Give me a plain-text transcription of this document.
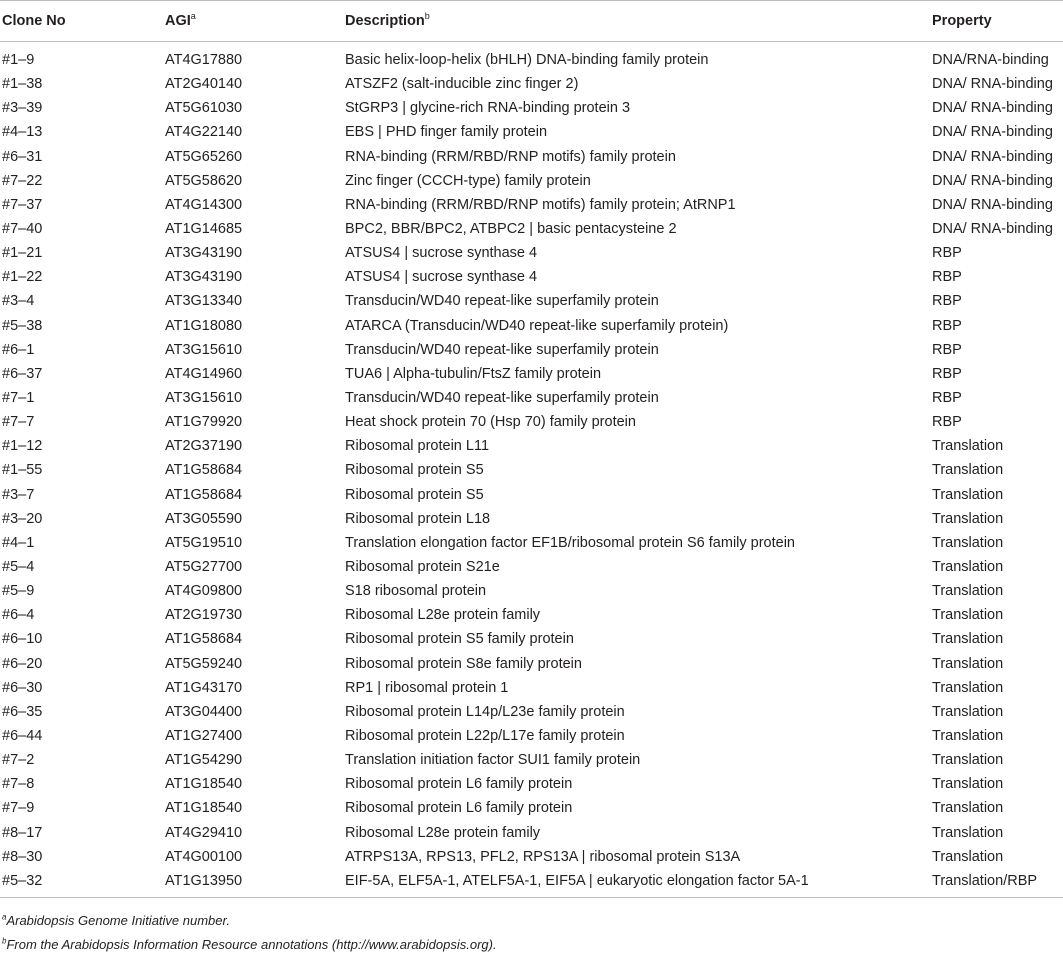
Clone No	AGI$^a$	Description$^b$	Property
#1–9	AT4G17880	Basic helix-loop-helix (bHLH) DNA-binding family protein	DNA/RNA-binding
#1–38	AT2G40140	ATSZF2 (salt-inducible zinc finger 2)	DNA/ RNA-binding
#3–39	AT5G61030	StGRP3 | glycine-rich RNA-binding protein 3	DNA/ RNA-binding
#4–13	AT4G22140	EBS | PHD finger family protein	DNA/ RNA-binding
#6–31	AT5G65260	RNA-binding (RRM/RBD/RNP motifs) family protein	DNA/ RNA-binding
#7–22	AT5G58620	Zinc finger (CCCH-type) family protein	DNA/ RNA-binding
#7–37	AT4G14300	RNA-binding (RRM/RBD/RNP motifs) family protein; AtRNP1	DNA/ RNA-binding
#7–40	AT1G14685	BPC2, BBR/BPC2, ATBPC2 | basic pentacysteine 2	DNA/ RNA-binding
#1–21	AT3G43190	ATSUS4 | sucrose synthase 4	RBP
#1–22	AT3G43190	ATSUS4 | sucrose synthase 4	RBP
#3–4	AT3G13340	Transducin/WD40 repeat-like superfamily protein	RBP
#5–38	AT1G18080	ATARCA (Transducin/WD40 repeat-like superfamily protein)	RBP
#6–1	AT3G15610	Transducin/WD40 repeat-like superfamily protein	RBP
#6–37	AT4G14960	TUA6 | Alpha-tubulin/FtsZ family protein	RBP
#7–1	AT3G15610	Transducin/WD40 repeat-like superfamily protein	RBP
#7–7	AT1G79920	Heat shock protein 70 (Hsp 70) family protein	RBP
#1–12	AT2G37190	Ribosomal protein L11	Translation
#1–55	AT1G58684	Ribosomal protein S5	Translation
#3–7	AT1G58684	Ribosomal protein S5	Translation
#3–20	AT3G05590	Ribosomal protein L18	Translation
#4–1	AT5G19510	Translation elongation factor EF1B/ribosomal protein S6 family protein	Translation
#5–4	AT5G27700	Ribosomal protein S21e	Translation
#5–9	AT4G09800	S18 ribosomal protein	Translation
#6–4	AT2G19730	Ribosomal L28e protein family	Translation
#6–10	AT1G58684	Ribosomal protein S5 family protein	Translation
#6–20	AT5G59240	Ribosomal protein S8e family protein	Translation
#6–30	AT1G43170	RP1 | ribosomal protein 1	Translation
#6–35	AT3G04400	Ribosomal protein L14p/L23e family protein	Translation
#6–44	AT1G27400	Ribosomal protein L22p/L17e family protein	Translation
#7–2	AT1G54290	Translation initiation factor SUI1 family protein	Translation
#7–8	AT1G18540	Ribosomal protein L6 family protein	Translation
#7–9	AT1G18540	Ribosomal protein L6 family protein	Translation
#8–17	AT4G29410	Ribosomal L28e protein family	Translation
#8–30	AT4G00100	ATRPS13A, RPS13, PFL2, RPS13A | ribosomal protein S13A	Translation
#5–32	AT1G13950	EIF-5A, ELF5A-1, ATELF5A-1, EIF5A | eukaryotic elongation factor 5A-1	Translation/RBP
$^a$Arabidopsis Genome Initiative number.
$^b$From the Arabidopsis Information Resource annotations (http://www.arabidopsis.org).
